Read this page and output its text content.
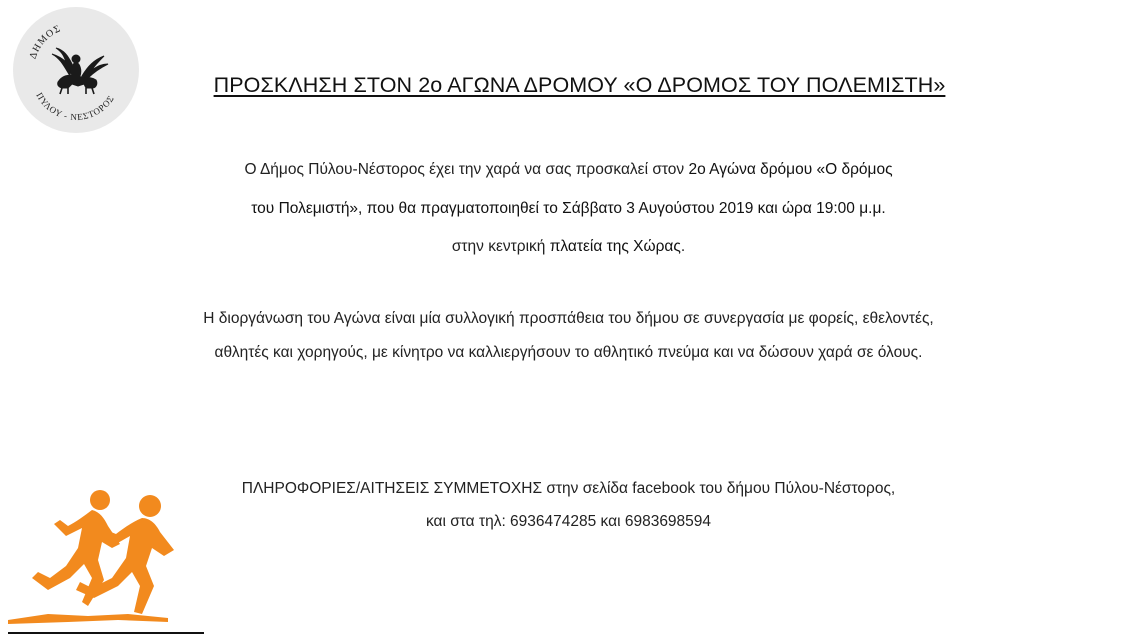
ΔΗΜΟΣ
ΠΥΛΟΥ - ΝΕΣΤΟΡΟΣ
ΠΡΟΣΚΛΗΣΗ ΣΤΟΝ 2ο ΑΓΩΝΑ ΔΡΟΜΟΥ «Ο ΔΡΟΜΟΣ ΤΟΥ ΠΟΛΕΜΙΣΤΗ»
Ο Δήμος Πύλου-Νέστορος έχει την χαρά να σας προσκαλεί στον 2ο Αγώνα δρόμου «Ο δρόμος
του Πολεμιστή», που θα πραγματοποιηθεί το Σάββατο 3 Αυγούστου 2019 και ώρα 19:00 μ.μ.
στην κεντρική πλατεία της Χώρας.
Η διοργάνωση του Αγώνα είναι μία συλλογική προσπάθεια του δήμου σε συνεργασία με φορείς, εθελοντές,
αθλητές και χορηγούς, με κίνητρο να καλλιεργήσουν το αθλητικό πνεύμα και να δώσουν χαρά σε όλους.
ΠΛΗΡΟΦΟΡΙΕΣ/ΑΙΤΗΣΕΙΣ ΣΥΜΜΕΤΟΧΗΣ στην σελίδα facebook του δήμου Πύλου-Νέστορος,
και στα τηλ: 6936474285 και 6983698594
